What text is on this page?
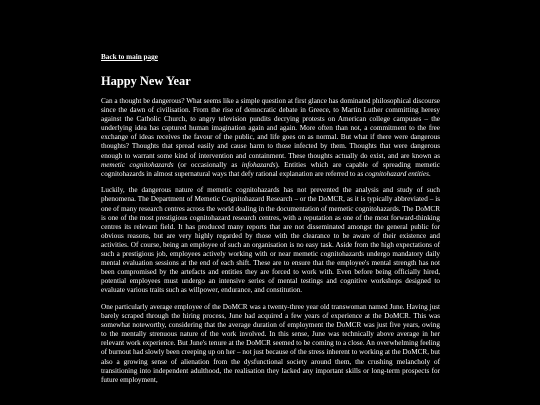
Back to main page
Happy New Year

Can a thought be dangerous? What seems like a simple question at first glance has dominated philosophical discourse since the dawn of civilisation. From the rise of democratic debate in Greece, to Martin Luther committing heresy against the Catholic Church, to angry television pundits decrying protests on American college campuses – the underlying idea has captured human imagination again and again. More often than not, a commitment to the free exchange of ideas receives the favour of the public, and life goes on as normal. But what if there were dangerous thoughts? Thoughts that spread easily and cause harm to those infected by them. Thoughts that were dangerous enough to warrant some kind of intervention and containment. These thoughts actually do exist, and are known as memetic cognitohazards (or occasionally as infohazards). Entities which are capable of spreading memetic cognitohazards in almost supernatural ways that defy rational explanation are referred to as cognitohazard entities.

Luckily, the dangerous nature of memetic cognitohazards has not prevented the analysis and study of such phenomena. The Department of Memetic Cognitohazard Research – or the DoMCR, as it is typically abbreviated – is one of many research centres across the world dealing in the documentation of memetic cognitohazards. The DoMCR is one of the most prestigious cognitohazard research centres, with a reputation as one of the most forward-thinking centres its relevant field. It has produced many reports that are not disseminated amongst the general public for obvious reasons, but are very highly regarded by those with the clearance to be aware of their existence and activities. Of course, being an employee of such an organisation is no easy task. Aside from the high expectations of such a prestigious job, employees actively working with or near memetic cognitohazards undergo mandatory daily mental evaluation sessions at the end of each shift. These are to ensure that the employee's mental strength has not been compromised by the artefacts and entities they are forced to work with. Even before being officially hired, potential employees must undergo an intensive series of mental testings and cognitive workshops designed to evaluate various traits such as willpower, endurance, and constitution.

One particularly average employee of the DoMCR was a twenty-three year old transwoman named June. Having just barely scraped through the hiring process, June had acquired a few years of experience at the DoMCR. This was somewhat noteworthy, considering that the average duration of employment the DoMCR was just five years, owing to the mentally strenuous nature of the work involved. In this sense, June was technically above average in her relevant work experience. But June's tenure at the DoMCR seemed to be coming to a close. An overwhelming feeling of burnout had slowly been creeping up on her – not just because of the stress inherent to working at the DoMCR, but also a growing sense of alienation from the dysfunctional society around them, the crushing melancholy of transitioning into independent adulthood, the realisation they lacked any important skills or long-term prospects for future employment,
